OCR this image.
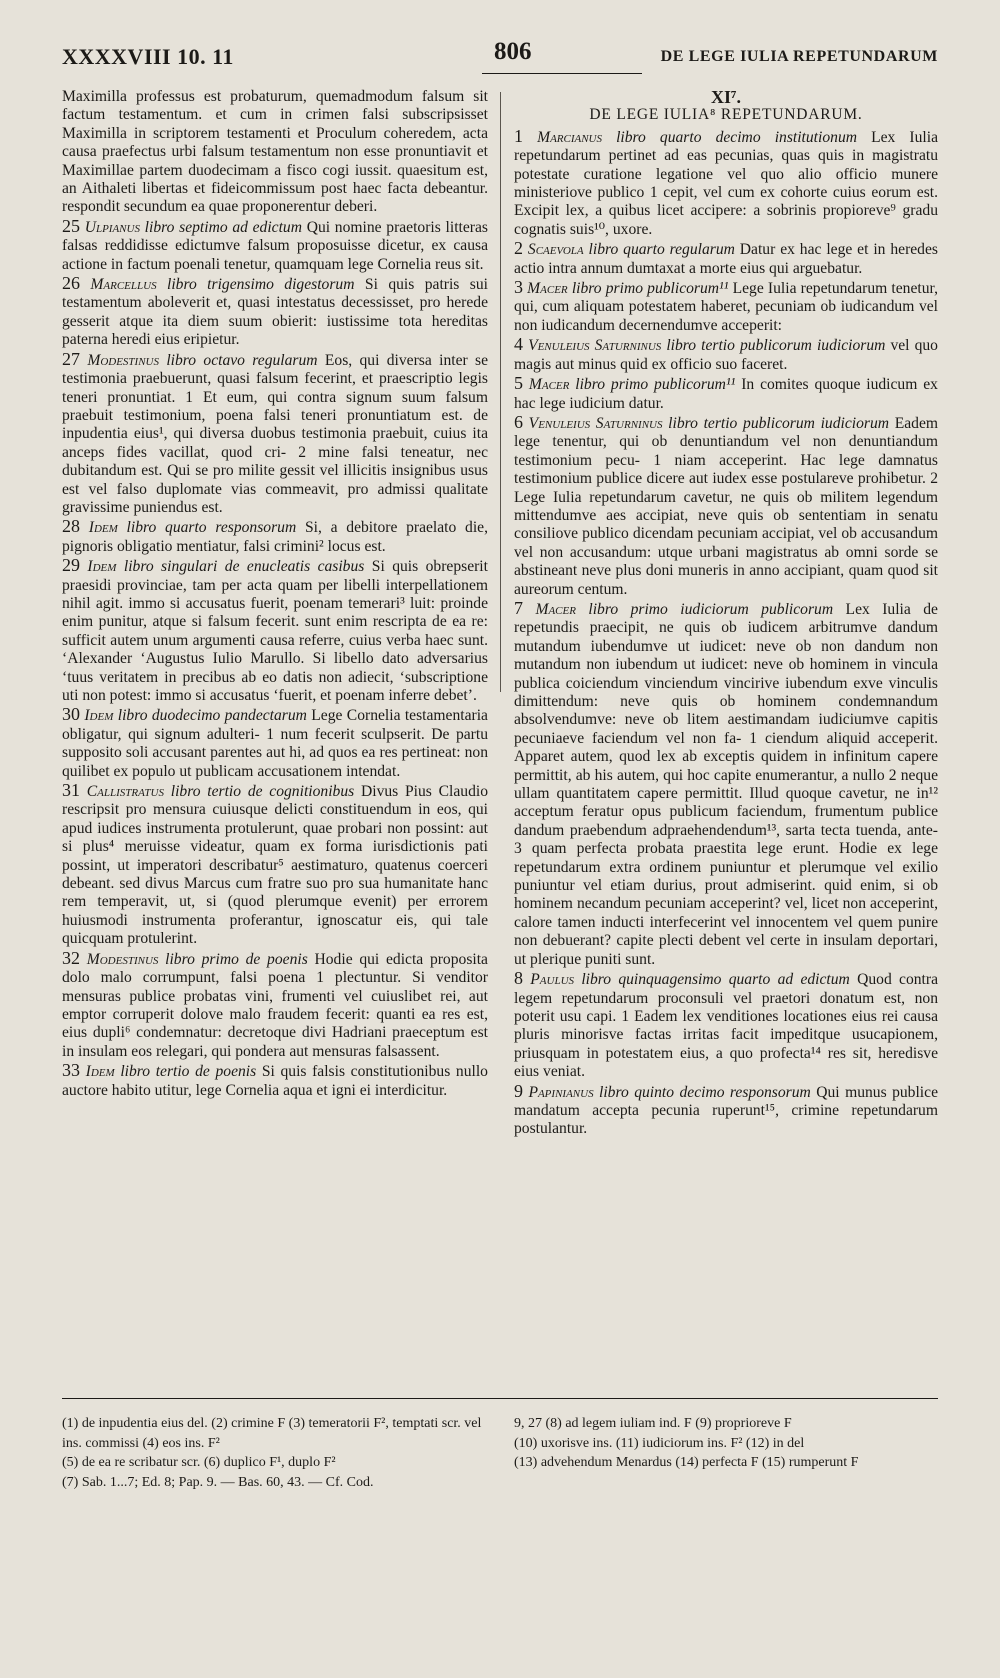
XXXXVIII 10. 11	806	DE LEGE IULIA REPETUNDARUM

Maximilla professus est probaturum, quemadmodum falsum sit factum testamentum. et cum in crimen falsi subscripsisset Maximilla in scriptorem testamenti et Proculum coheredem, acta causa praefectus urbi falsum testamentum non esse pronuntiavit et Maximillae partem duodecimam a fisco cogi iussit. quaesitum est, an Aithaleti libertas et fideicommissum post haec facta debeantur. respondit secundum ea quae proponerentur deberi.

25 Ulpianus libro septimo ad edictum Qui nomine praetoris litteras falsas reddidisse edictumve falsum proposuisse dicetur, ex causa actione in factum poenali tenetur, quamquam lege Cornelia reus sit.

26 Marcellus libro trigensimo digestorum Si quis patris sui testamentum aboleverit et, quasi intestatus decessisset, pro herede gesserit atque ita diem suum obierit: iustissime tota hereditas paterna heredi eius eripietur.

27 Modestinus libro octavo regularum Eos, qui diversa inter se testimonia praebuerunt, quasi falsum fecerint, et praescriptio legis teneri pronuntiat. 1 Et eum, qui contra signum suum falsum praebuit testimonium, poena falsi teneri pronuntiatum est. de inpudentia eius¹, qui diversa duobus testimonia praebuit, cuius ita anceps fides vacillat, quod cri- 2 mine falsi teneatur, nec dubitandum est. Qui se pro milite gessit vel illicitis insignibus usus est vel falso duplomate vias commeavit, pro admissi qualitate gravissime puniendus est.

28 Idem libro quarto responsorum Si, a debitore praelato die, pignoris obligatio mentiatur, falsi crimini² locus est.

29 Idem libro singulari de enucleatis casibus Si quis obrepserit praesidi provinciae, tam per acta quam per libelli interpellationem nihil agit. immo si accusatus fuerit, poenam temerari³ luit: proinde enim punitur, atque si falsum fecerit. sunt enim rescripta de ea re: sufficit autem unum argumenti causa referre, cuius verba haec sunt. ‘Alexander ‘Augustus Iulio Marullo. Si libello dato adversarius ‘tuus veritatem in precibus ab eo datis non adiecit, ‘subscriptione uti non potest: immo si accusatus ‘fuerit, et poenam inferre debet’.

30 Idem libro duodecimo pandectarum Lege Cornelia testamentaria obligatur, qui signum adulteri- 1 num fecerit sculpserit. De partu supposito soli accusant parentes aut hi, ad quos ea res pertineat: non quilibet ex populo ut publicam accusationem intendat.

31 Callistratus libro tertio de cognitionibus Divus Pius Claudio rescripsit pro mensura cuiusque delicti constituendum in eos, qui apud iudices instrumenta protulerunt, quae probari non possint: aut si plus⁴ meruisse videatur, quam ex forma iurisdictionis pati possint, ut imperatori describatur⁵ aestimaturo, quatenus coerceri debeant. sed divus Marcus cum fratre suo pro sua humanitate hanc rem temperavit, ut, si (quod plerumque evenit) per errorem huiusmodi instrumenta proferantur, ignoscatur eis, qui tale quicquam protulerint.

32 Modestinus libro primo de poenis Hodie qui edicta proposita dolo malo corrumpunt, falsi poena 1 plectuntur. Si venditor mensuras publice probatas vini, frumenti vel cuiuslibet rei, aut emptor corruperit dolove malo fraudem fecerit: quanti ea res est, eius dupli⁶ condemnatur: decretoque divi Hadriani praeceptum est in insulam eos relegari, qui pondera aut mensuras falsassent.

33 Idem libro tertio de poenis Si quis falsis constitutionibus nullo auctore habito utitur, lege Cornelia aqua et igni ei interdicitur.

XI⁷.
DE LEGE IULIA⁸ REPETUNDARUM.

1 Marcianus libro quarto decimo institutionum Lex Iulia repetundarum pertinet ad eas pecunias, quas quis in magistratu potestate curatione legatione vel quo alio officio munere ministeriove publico 1 cepit, vel cum ex cohorte cuius eorum est. Excipit lex, a quibus licet accipere: a sobrinis propioreve⁹ gradu cognatis suis¹⁰, uxore.

2 Scaevola libro quarto regularum Datur ex hac lege et in heredes actio intra annum dumtaxat a morte eius qui arguebatur.

3 Macer libro primo publicorum¹¹ Lege Iulia repetundarum tenetur, qui, cum aliquam potestatem haberet, pecuniam ob iudicandum vel non iudicandum decernendumve acceperit:

4 Venuleius Saturninus libro tertio publicorum iudiciorum vel quo magis aut minus quid ex officio suo faceret.

5 Macer libro primo publicorum¹¹ In comites quoque iudicum ex hac lege iudicium datur.

6 Venuleius Saturninus libro tertio publicorum iudiciorum Eadem lege tenentur, qui ob denuntiandum vel non denuntiandum testimonium pecu- 1 niam acceperint. Hac lege damnatus testimonium publice dicere aut iudex esse postulareve prohibetur. 2 Lege Iulia repetundarum cavetur, ne quis ob militem legendum mittendumve aes accipiat, neve quis ob sententiam in senatu consiliove publico dicendam pecuniam accipiat, vel ob accusandum vel non accusandum: utque urbani magistratus ab omni sorde se abstineant neve plus doni muneris in anno accipiant, quam quod sit aureorum centum.

7 Macer libro primo iudiciorum publicorum Lex Iulia de repetundis praecipit, ne quis ob iudicem arbitrumve dandum mutandum iubendumve ut iudicet: neve ob non dandum non mutandum non iubendum ut iudicet: neve ob hominem in vincula publica coiciendum vinciendum vincirive iubendum exve vinculis dimittendum: neve quis ob hominem condemnandum absolvendumve: neve ob litem aestimandam iudiciumve capitis pecuniaeve faciendum vel non fa- 1 ciendum aliquid acceperit. Apparet autem, quod lex ab exceptis quidem in infinitum capere permittit, ab his autem, qui hoc capite enumerantur, a nullo 2 neque ullam quantitatem capere permittit. Illud quoque cavetur, ne in¹² acceptum feratur opus publicum faciendum, frumentum publice dandum praebendum adpraehendendum¹³, sarta tecta tuenda, ante- 3 quam perfecta probata praestita lege erunt. Hodie ex lege repetundarum extra ordinem puniuntur et plerumque vel exilio puniuntur vel etiam durius, prout admiserint. quid enim, si ob hominem necandum pecuniam acceperint? vel, licet non acceperint, calore tamen inducti interfecerint vel innocentem vel quem punire non debuerant? capite plecti debent vel certe in insulam deportari, ut plerique puniti sunt.

8 Paulus libro quinquagensimo quarto ad edictum Quod contra legem repetundarum proconsuli vel praetori donatum est, non poterit usu capi. 1 Eadem lex venditiones locationes eius rei causa pluris minorisve factas irritas facit impeditque usucapionem, priusquam in potestatem eius, a quo profecta¹⁴ res sit, heredisve eius veniat.

9 Papinianus libro quinto decimo responsorum Qui munus publice mandatum accepta pecunia ruperunt¹⁵, crimine repetundarum postulantur.

(1) de inpudentia eius del. (2) crimine F (3) temeratorii F², temptati scr. vel ins. commissi (4) eos ins. F²
(5) de ea re scribatur scr. (6) duplico F¹, duplo F²
(7) Sab. 1...7; Ed. 8; Pap. 9. — Bas. 60, 43. — Cf. Cod.
9, 27 (8) ad legem iuliam ind. F (9) proprioreve F
(10) uxorisve ins. (11) iudiciorum ins. F² (12) in del
(13) advehendum Menardus (14) perfecta F (15) rumperunt F
